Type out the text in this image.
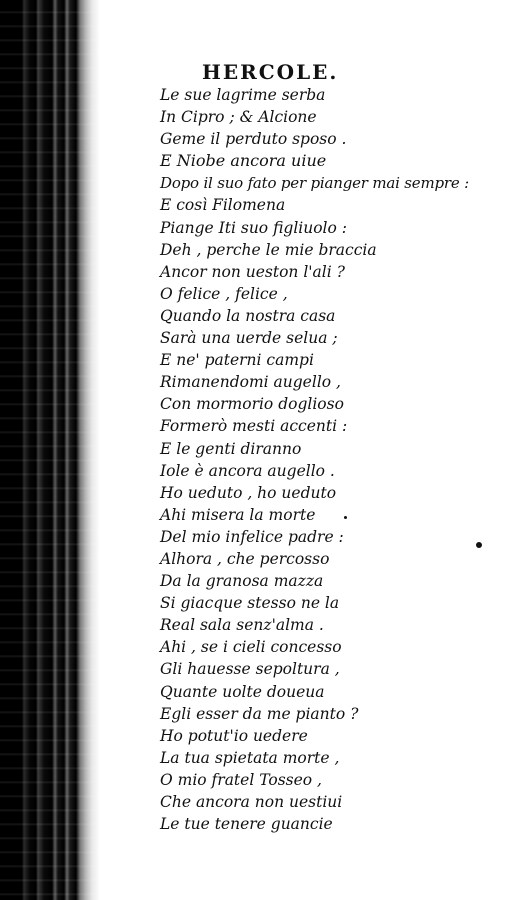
HERCOLE.
Le sue lagrime serba
In Cipro ; & Alcione
Geme il perduto sposo .
E Niobe ancora uiue
Dopo il suo fato per pianger mai sempre :
E così Filomena
Piange Iti suo figliuolo :
Deh , perche le mie braccia
Ancor non ueston l'ali ?
O felice , felice ,
Quando la nostra casa
Sarà una uerde selua ;
E ne' paterni campi
Rimanendomi augello ,
Con mormorio doglioso
Formerò mesti accenti :
E le genti diranno
Iole è ancora augello .
Ho ueduto , ho ueduto
Ahi misera la morte
Del mio infelice padre :
Alhora , che percosso
Da la granosa mazza
Si giacque stesso ne la
Real sala senz'alma .
Ahi , se i cieli concesso
Gli hauesse sepoltura ,
Quante uolte doueua
Egli esser da me pianto ?
Ho potut'io uedere
La tua spietata morte ,
O mio fratel Tosseo ,
Che ancora non uestiui
Le tue tenere guancie
